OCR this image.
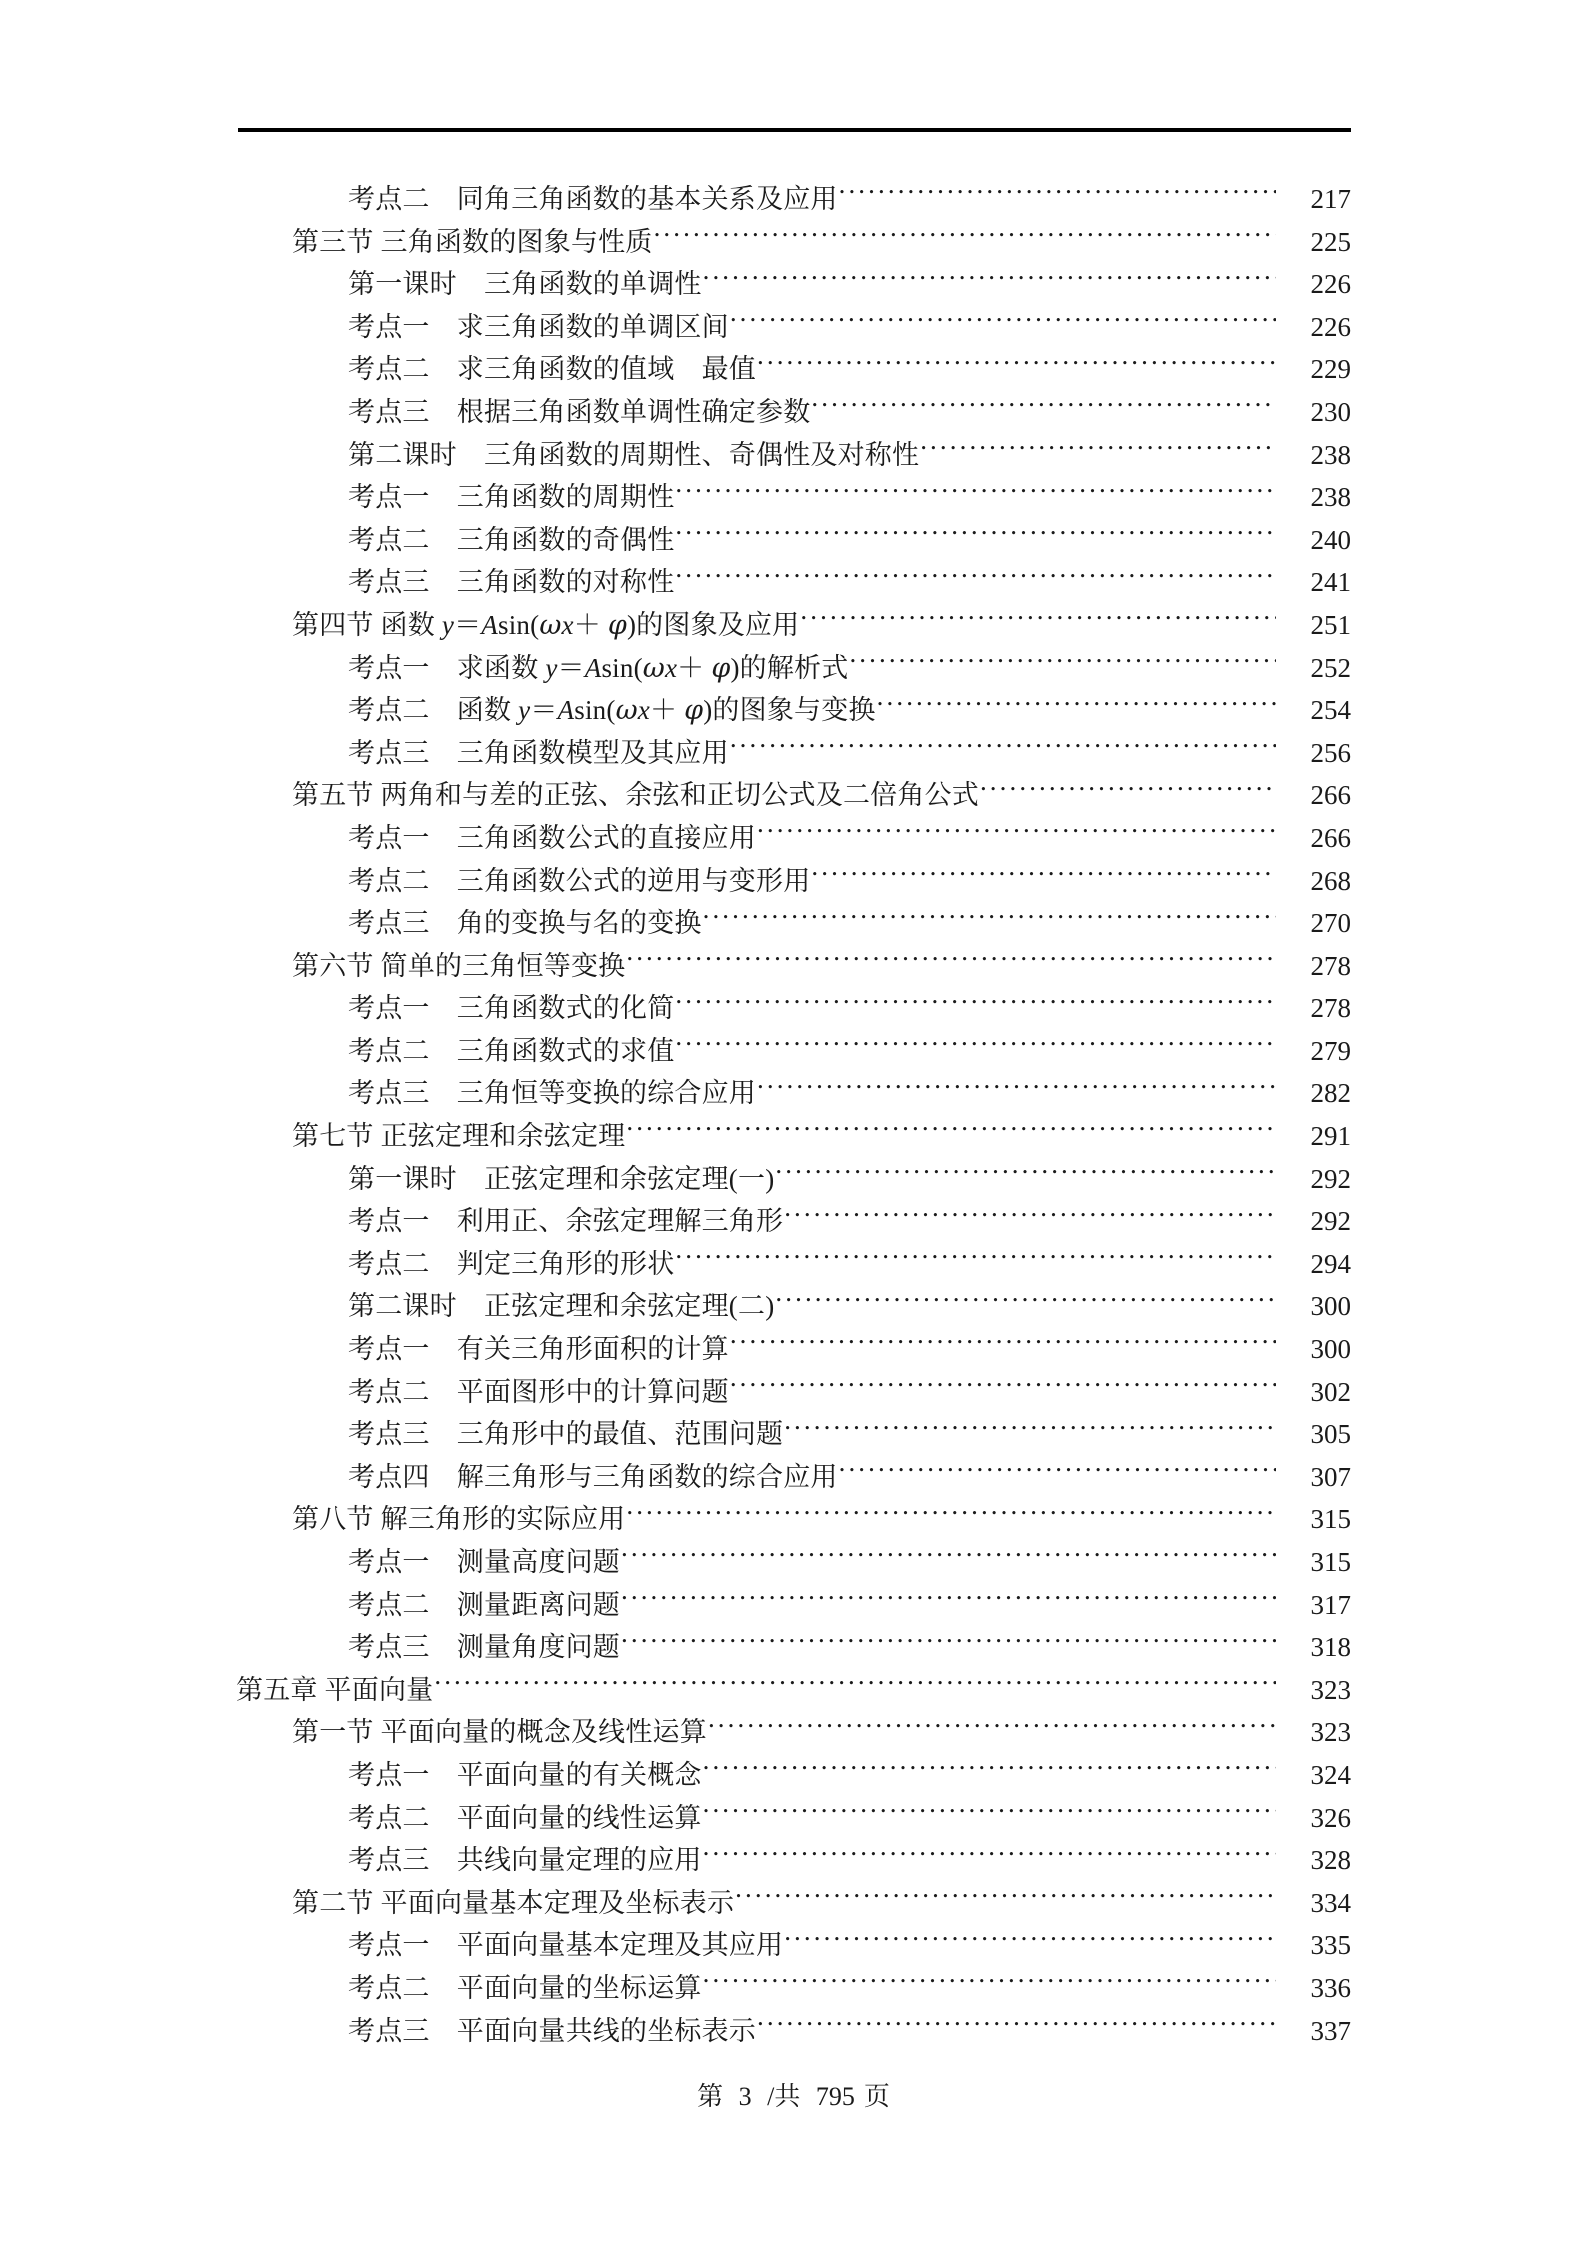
考点二　同角三角函数的基本关系及应用 .....	217
第三节 三角函数的图象与性质 .....	225
第一课时　三角函数的单调性 .....	226
考点一　求三角函数的单调区间 .....	226
考点二　求三角函数的值域　最值 .....	229
考点三　根据三角函数单调性确定参数 .....	230
第二课时　三角函数的周期性、奇偶性及对称性 .....	238
考点一　三角函数的周期性 .....	238
考点二　三角函数的奇偶性 .....	240
考点三　三角函数的对称性 .....	241
第四节 函数 y＝Asin(ωx＋ φ)的图象及应用 .....	251
考点一　求函数 y＝Asin(ωx＋ φ)的解析式 .....	252
考点二　函数 y＝Asin(ωx＋ φ)的图象与变换 .....	254
考点三　三角函数模型及其应用 .....	256
第五节 两角和与差的正弦、余弦和正切公式及二倍角公式 .....	266
考点一　三角函数公式的直接应用 .....	266
考点二　三角函数公式的逆用与变形用 .....	268
考点三　角的变换与名的变换 .....	270
第六节 简单的三角恒等变换 .....	278
考点一　三角函数式的化简 .....	278
考点二　三角函数式的求值 .....	279
考点三　三角恒等变换的综合应用 .....	282
第七节 正弦定理和余弦定理 .....	291
第一课时　正弦定理和余弦定理(一) .....	292
考点一　利用正、余弦定理解三角形 .....	292
考点二　判定三角形的形状 .....	294
第二课时　正弦定理和余弦定理(二) .....	300
考点一　有关三角形面积的计算 .....	300
考点二　平面图形中的计算问题 .....	302
考点三　三角形中的最值、范围问题 .....	305
考点四　解三角形与三角函数的综合应用 .....	307
第八节 解三角形的实际应用 .....	315
考点一　测量高度问题 .....	315
考点二　测量距离问题 .....	317
考点三　测量角度问题 .....	318
第五章 平面向量 .....	323
第一节 平面向量的概念及线性运算 .....	323
考点一　平面向量的有关概念 .....	324
考点二　平面向量的线性运算 .....	326
考点三　共线向量定理的应用 .....	328
第二节 平面向量基本定理及坐标表示 .....	334
考点一　平面向量基本定理及其应用 .....	335
考点二　平面向量的坐标运算 .....	336
考点三　平面向量共线的坐标表示 .....	337
第 3 /共 795 页
